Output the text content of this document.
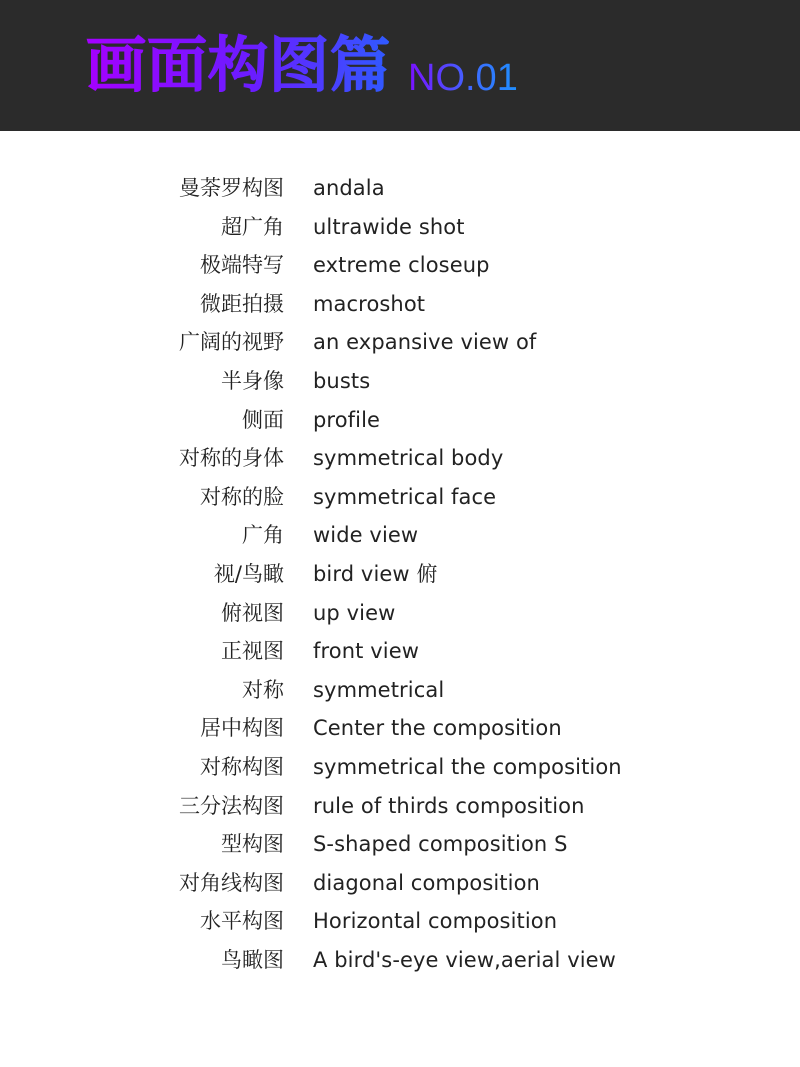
画面构图篇 NO.01
曼荼罗构图 andala
超广角 ultrawide shot
极端特写 extreme closeup
微距拍摄 macroshot
广阔的视野 an expansive view of
半身像 busts
侧面 profile
对称的身体 symmetrical body
对称的脸 symmetrical face
广角 wide view
视/鸟瞰 bird view 俯
俯视图 up view
正视图 front view
对称 symmetrical
居中构图 Center the composition
对称构图 symmetrical the composition
三分法构图 rule of thirds composition
型构图 S-shaped composition S
对角线构图 diagonal composition
水平构图 Horizontal composition
鸟瞰图 A bird's-eye view,aerial view
